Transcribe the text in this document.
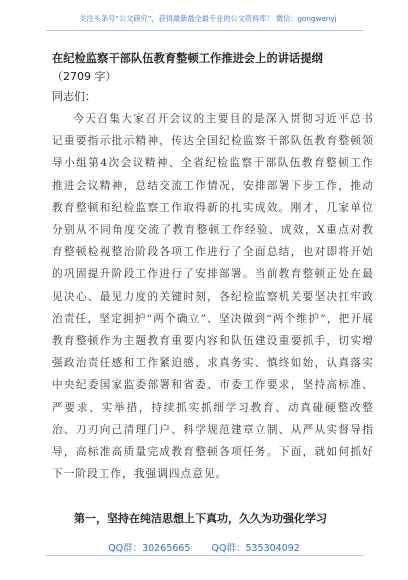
关注头条号“公文研究”，获得最新最全最专业的公文资料库！ 微信：gongwenyj
在纪检监察干部队伍教育整顿工作推进会上的讲话提纲
（2709 字）
同志们：
今天召集大家召开会议的主要目的是深入贯彻习近平总书记重要指示批示精神，传达全国纪检监察干部队伍教育整顿领导小组第4次会议精神、全省纪检监察干部队伍教育整顿工作推进会议精神，总结交流工作情况，安排部署下步工作，推动教育整顿和纪检监察工作取得新的扎实成效。刚才，几家单位分别从不同角度交流了教育整顿工作经验、成效，X重点对教育整顿检视整治阶段各项工作进行了全面总结，也对即将开始的巩固提升阶段工作进行了安排部署。当前教育整顿正处在最见决心、最见力度的关键时刻，各纪检监察机关要坚决扛牢政治责任，坚定拥护“两个确立”、坚决做到“两个维护”，把开展教育整顿作为主题教育重要内容和队伍建设重要抓手，切实增强政治责任感和工作紧迫感，求真务实、慎终如始，认真落实中央纪委国家监委部署和省委、市委工作要求，坚持高标准、严要求、实举措，持续抓实抓细学习教育、动真碰硬整改整治、刀刃向己清理门户、科学规范建章立制、从严从实督导指导，高标准高质量完成教育整顿各项任务。下面，就如何抓好下一阶段工作，我强调四点意见。
第一，坚持在纯洁思想上下真功，久久为功强化学习
QQ群：30265665 QQ群：535304092
